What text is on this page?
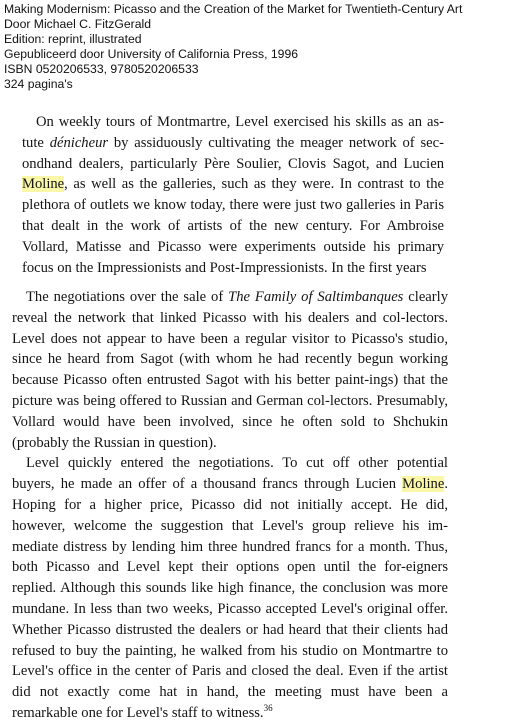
Making Modernism: Picasso and the Creation of the Market for Twentieth-Century Art
Door Michael C. FitzGerald
Edition: reprint, illustrated
Gepubliceerd door University of California Press, 1996
ISBN 0520206533, 9780520206533
324 pagina's

On weekly tours of Montmartre, Level exercised his skills as an as-tute dénicheur by assiduously cultivating the meager network of sec-ondhand dealers, particularly Père Soulier, Clovis Sagot, and Lucien Moline, as well as the galleries, such as they were. In contrast to the plethora of outlets we know today, there were just two galleries in Paris that dealt in the work of artists of the new century. For Ambroise Vollard, Matisse and Picasso were experiments outside his primary focus on the Impressionists and Post-Impressionists. In the first years

The negotiations over the sale of The Family of Saltimbanques clearly reveal the network that linked Picasso with his dealers and col-lectors. Level does not appear to have been a regular visitor to Picasso's studio, since he heard from Sagot (with whom he had recently begun working because Picasso often entrusted Sagot with his better paint-ings) that the picture was being offered to Russian and German col-lectors. Presumably, Vollard would have been involved, since he often sold to Shchukin (probably the Russian in question).

Level quickly entered the negotiations. To cut off other potential buyers, he made an offer of a thousand francs through Lucien Moline. Hoping for a higher price, Picasso did not initially accept. He did, however, welcome the suggestion that Level's group relieve his im-mediate distress by lending him three hundred francs for a month. Thus, both Picasso and Level kept their options open until the for-eigners replied. Although this sounds like high finance, the conclusion was more mundane. In less than two weeks, Picasso accepted Level's original offer. Whether Picasso distrusted the dealers or had heard that their clients had refused to buy the painting, he walked from his studio on Montmartre to Level's office in the center of Paris and closed the deal. Even if the artist did not exactly come hat in hand, the meeting must have been a remarkable one for Level's staff to witness.$^{36}$
